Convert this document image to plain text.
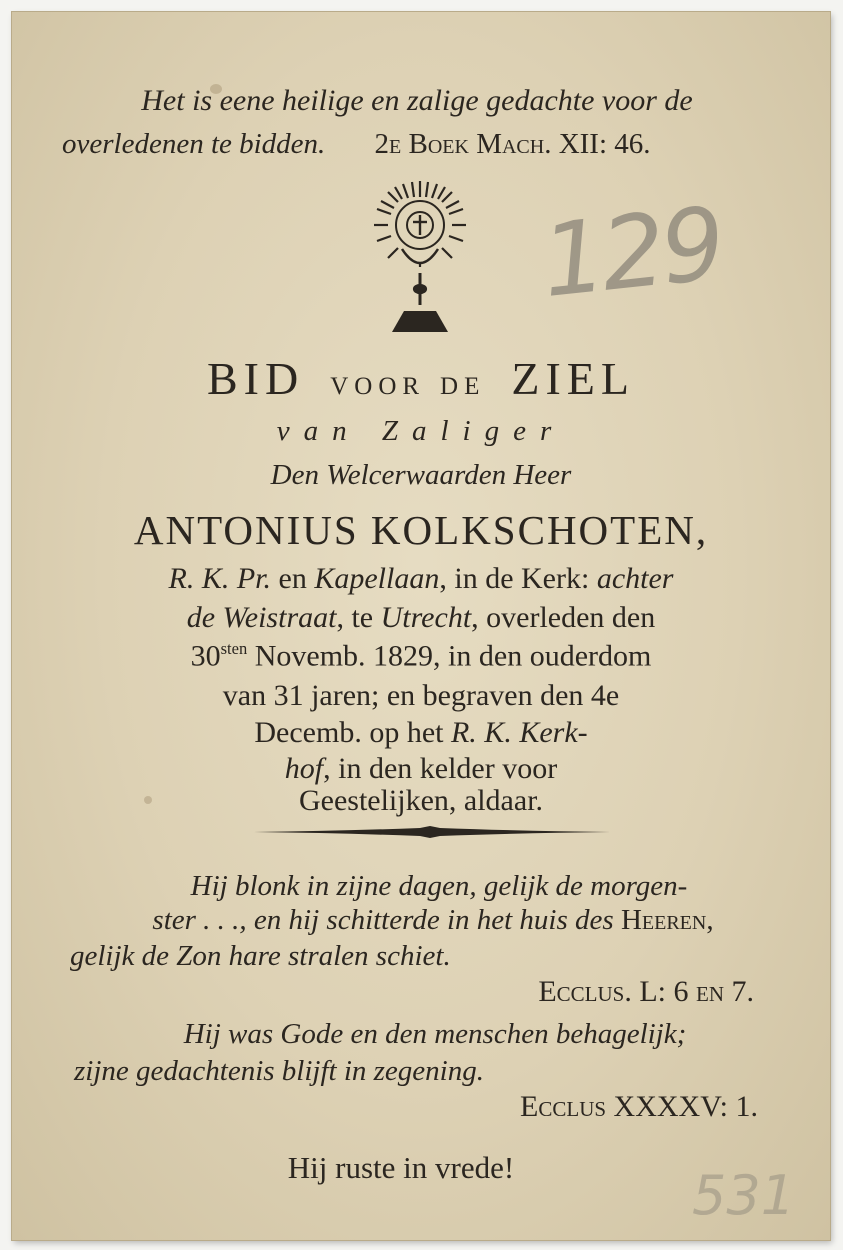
Het is eene heilige en zalige gedachte voor de
overledenen te bidden. 2e Boek Mach. XII: 46.
129
531
BID voor de ZIEL
van Zaliger
Den Welcerwaarden Heer
ANTONIUS KOLKSCHOTEN,
R. K. Pr. en Kapellaan, in de Kerk: achter
de Weistraat, te Utrecht, overleden den
$30^{sten}$ Novemb. 1829, in den ouderdom
van 31 jaren; en begraven den 4e
Decemb. op het R. K. Kerk-
hof, in den kelder voor
Geestelijken, aldaar.
Hij blonk in zijne dagen, gelijk de morgen-
ster . . ., en hij schitterde in het huis des Heeren,
gelijk de Zon hare stralen schiet.
Ecclus. L: 6 en 7.
Hij was Gode en den menschen behagelijk;
zijne gedachtenis blijft in zegening.
Ecclus XXXXV: 1.
Hij ruste in vrede!
